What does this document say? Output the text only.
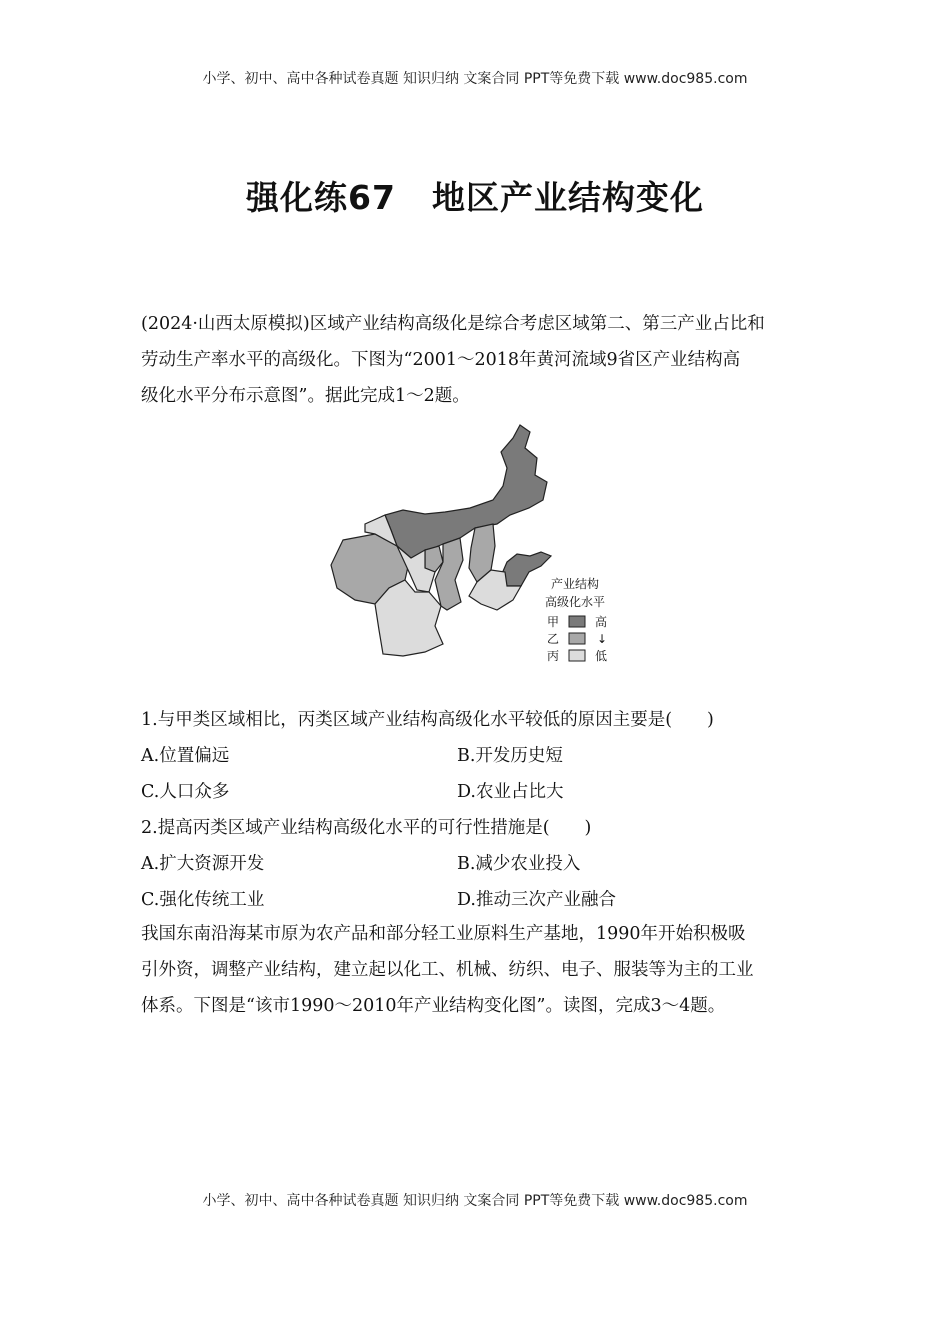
小学、初中、高中各种试卷真题 知识归纳 文案合同 PPT等免费下载 www.doc985.com
强化练67 地区产业结构变化
(2024·山西太原模拟)区域产业结构高级化是综合考虑区域第二、第三产业占比和
劳动生产率水平的高级化。下图为“2001～2018年黄河流域9省区产业结构高
级化水平分布示意图”。据此完成1～2题。
产业结构
高级化水平
甲	高
乙	↓
丙	低
1.与甲类区域相比，丙类区域产业结构高级化水平较低的原因主要是(　　)
A.位置偏远	B.开发历史短
C.人口众多	D.农业占比大
2.提高丙类区域产业结构高级化水平的可行性措施是(　　)
A.扩大资源开发	B.减少农业投入
C.强化传统工业	D.推动三次产业融合
我国东南沿海某市原为农产品和部分轻工业原料生产基地，1990年开始积极吸
引外资，调整产业结构，建立起以化工、机械、纺织、电子、服装等为主的工业
体系。下图是“该市1990～2010年产业结构变化图”。读图，完成3～4题。
小学、初中、高中各种试卷真题 知识归纳 文案合同 PPT等免费下载 www.doc985.com
